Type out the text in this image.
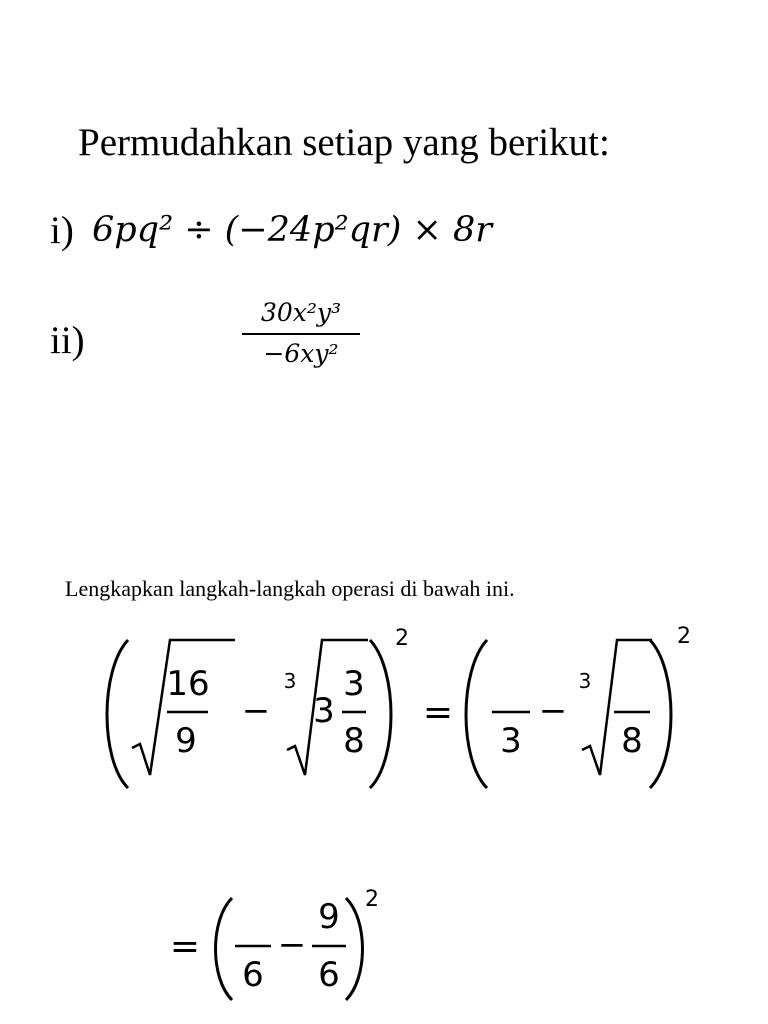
Permudahkan setiap yang berikut:
i) 6pq² ÷ (−24p²qr) × 8r
ii)	$\frac{\text{30x²y³}}{\text{−6xy²}}$
Lengkapkan langkah-langkah operasi di bawah ini.
16
9
−
3
3
3
8
2
=
3
−
3
8
2
=
6
−
9
6
2
